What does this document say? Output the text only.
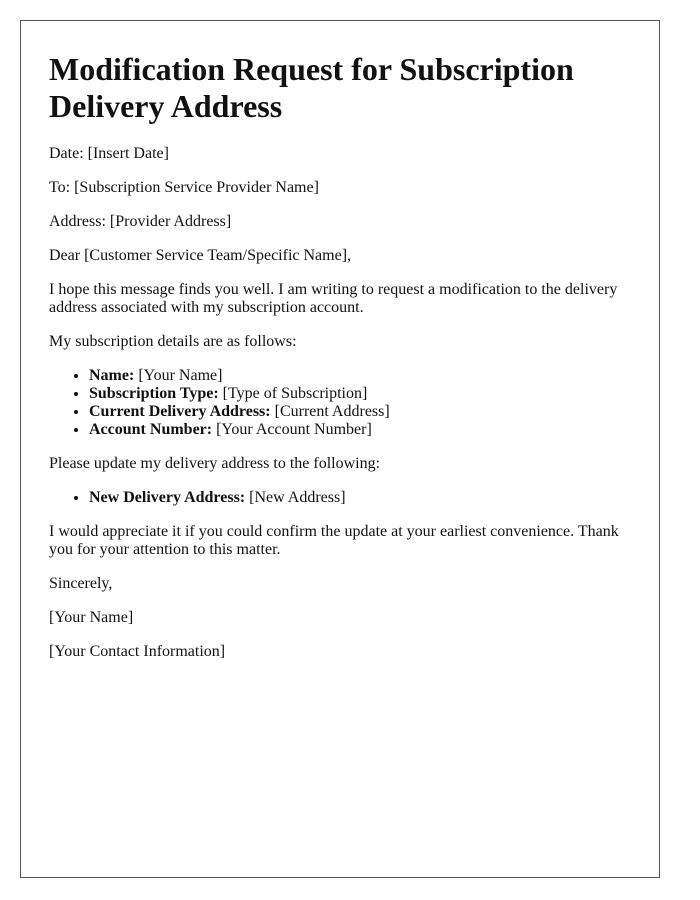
Modification Request for Subscription Delivery Address

Date: [Insert Date]

To: [Subscription Service Provider Name]

Address: [Provider Address]

Dear [Customer Service Team/Specific Name],

I hope this message finds you well. I am writing to request a modification to the delivery address associated with my subscription account.

My subscription details are as follows:

• Name: [Your Name]
• Subscription Type: [Type of Subscription]
• Current Delivery Address: [Current Address]
• Account Number: [Your Account Number]

Please update my delivery address to the following:

• New Delivery Address: [New Address]

I would appreciate it if you could confirm the update at your earliest convenience. Thank you for your attention to this matter.

Sincerely,

[Your Name]

[Your Contact Information]
